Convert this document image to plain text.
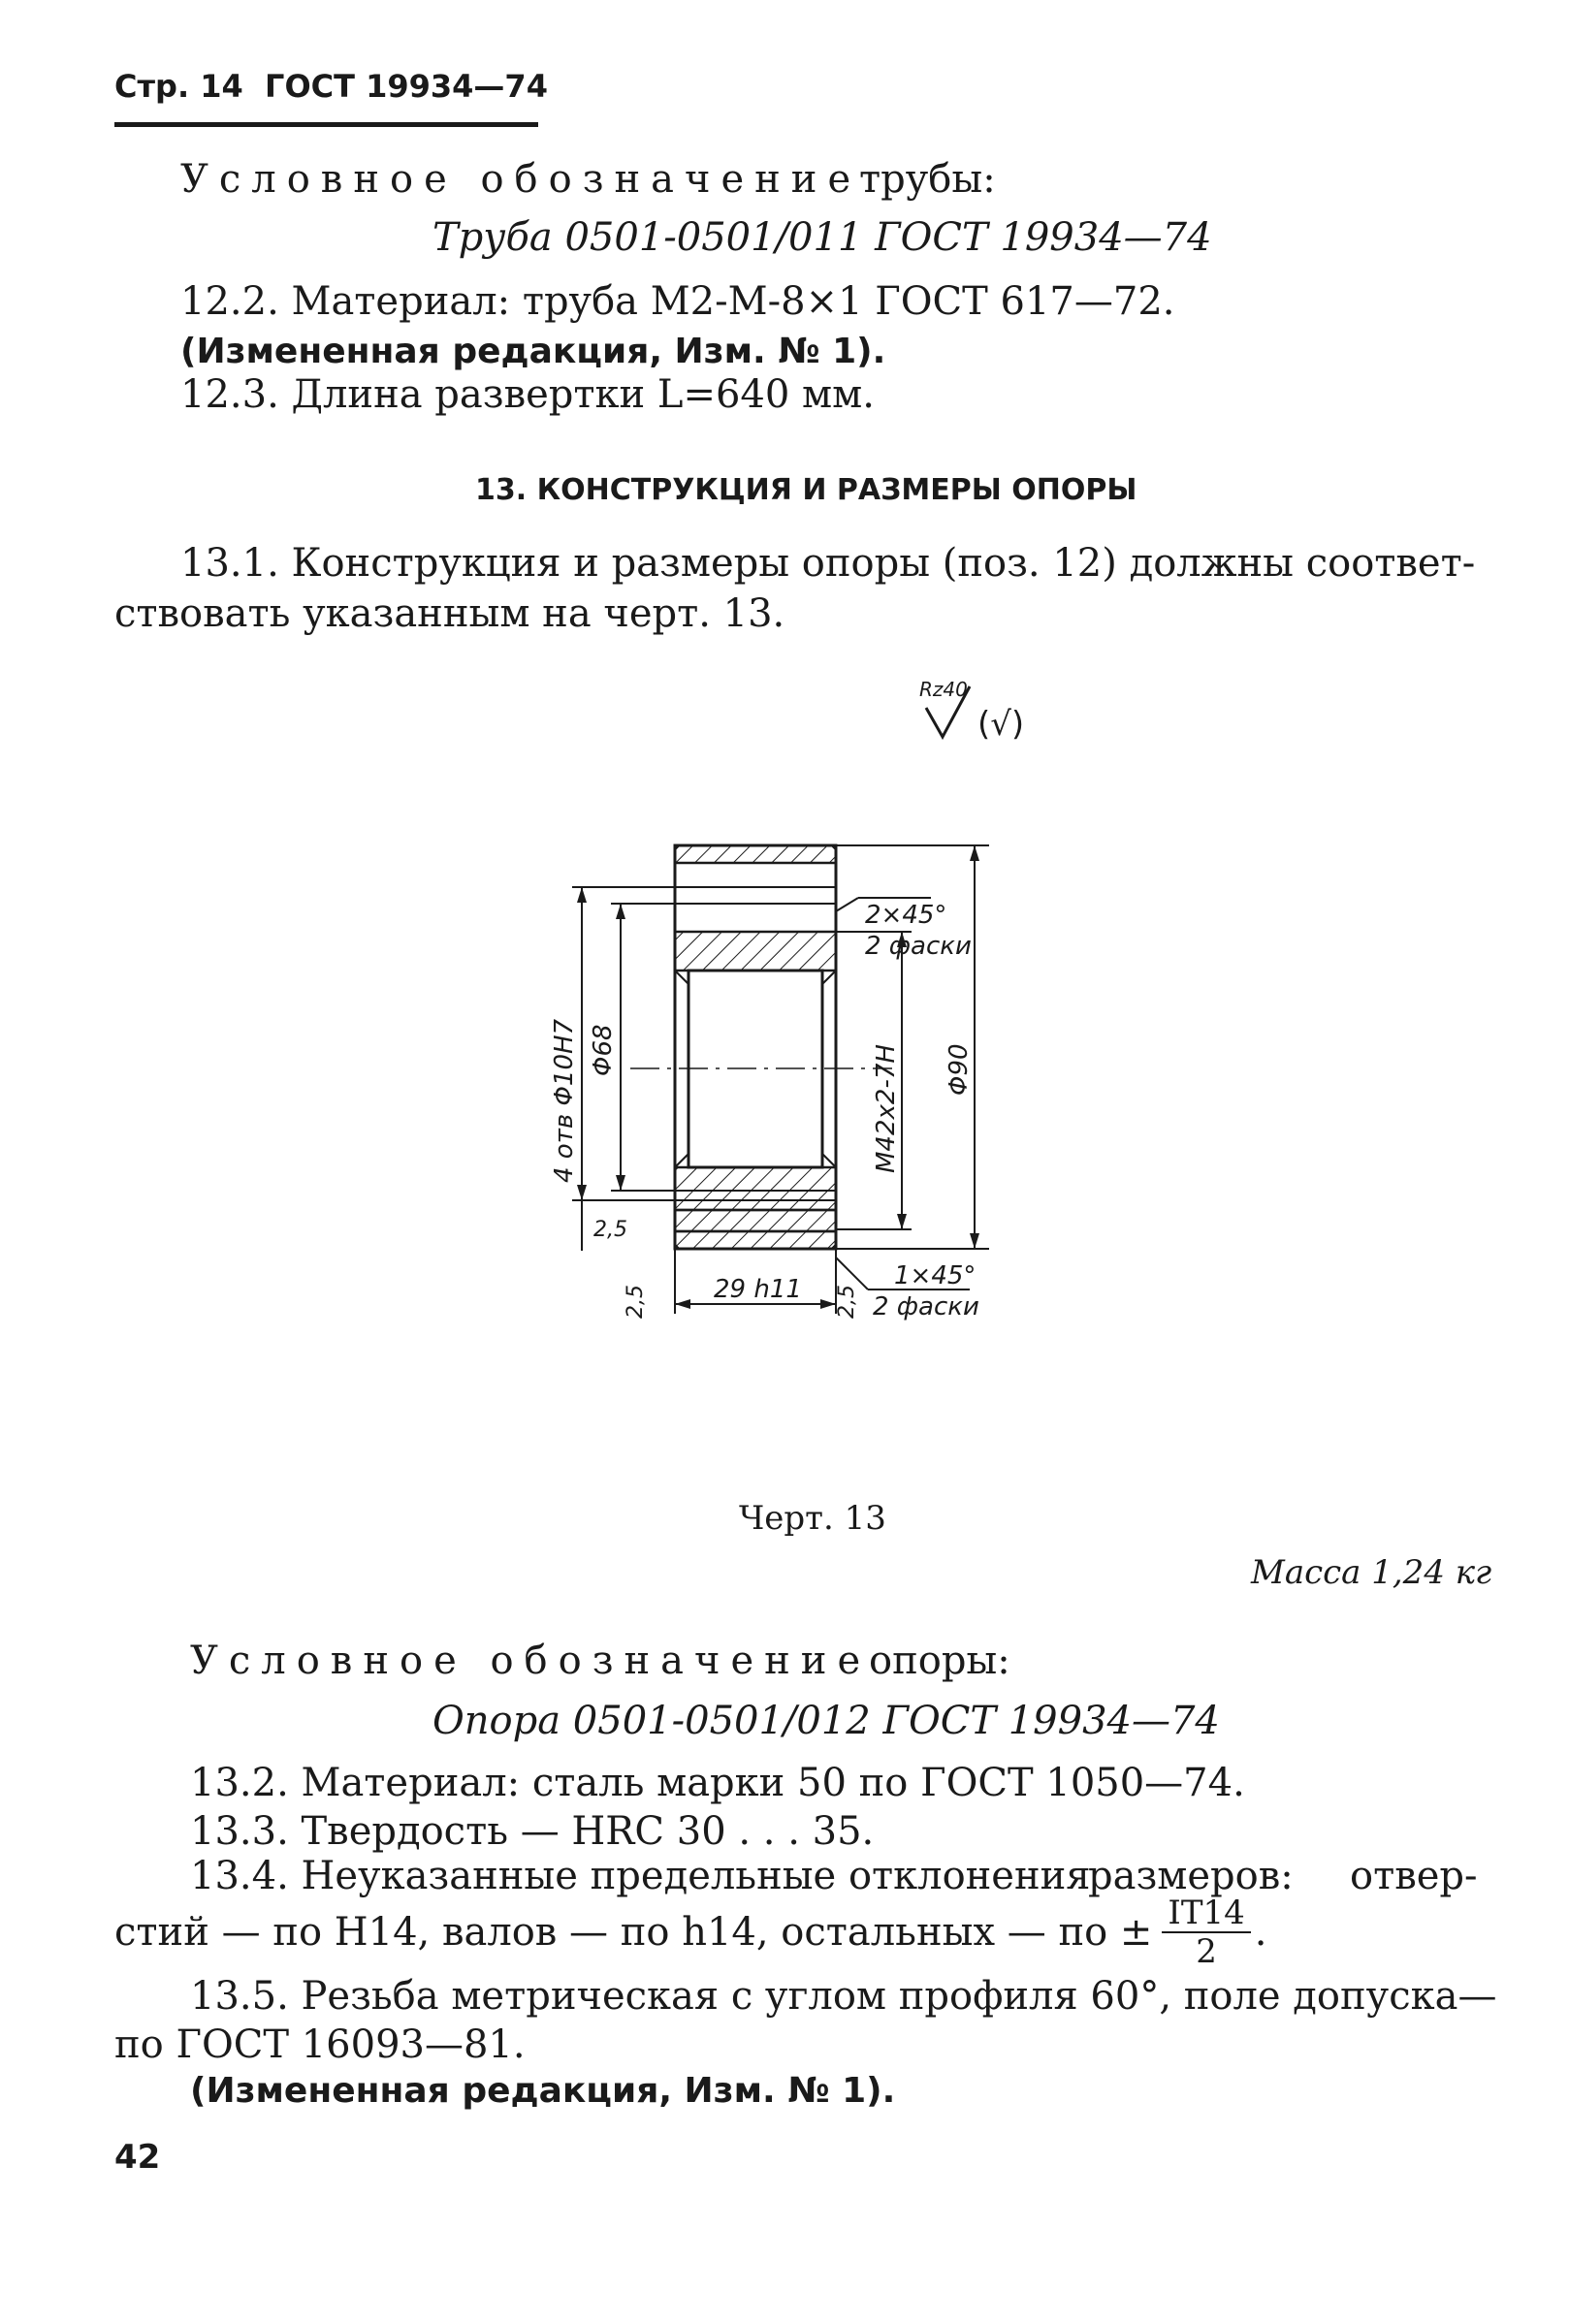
Стр. 14 ГОСТ 19934—74
Условное обозначение
трубы:
Труба 0501-0501/011 ГОСТ 19934—74
12.2. Материал: труба М2-М-8×1 ГОСТ 617—72.
(Измененная редакция, Изм. № 1).
12.3. Длина развертки L=640 мм.
13. КОНСТРУКЦИЯ И РАЗМЕРЫ ОПОРЫ
13.1. Конструкция и размеры опоры (поз. 12) должны соответ-
ствовать указанным на черт. 13.
Rz40
(√)
2×45°
2 фаски
Φ68
4 отв Φ10H7	М42х2-7Н Φ90
2,5
2,5	29 h11 2,5
1×45°
2 фаски
Черт. 13
Масса 1,24 кг
Условное обозначение
опоры:
Опора 0501-0501/012 ГОСТ 19934—74
13.2. Материал: сталь марки 50 по ГОСТ 1050—74.
13.3. Твердость — HRC 30 . . . 35.
13.4. Неуказанные предельные отклонения
размеров: отвер-
стий — по H14, валов — по h14, остальных — по ± $\frac{IT14}{2}$ .
13.5. Резьба метрическая с углом профиля 60°, поле допуска—
по ГОСТ 16093—81.
(Измененная редакция, Изм. № 1).
42
